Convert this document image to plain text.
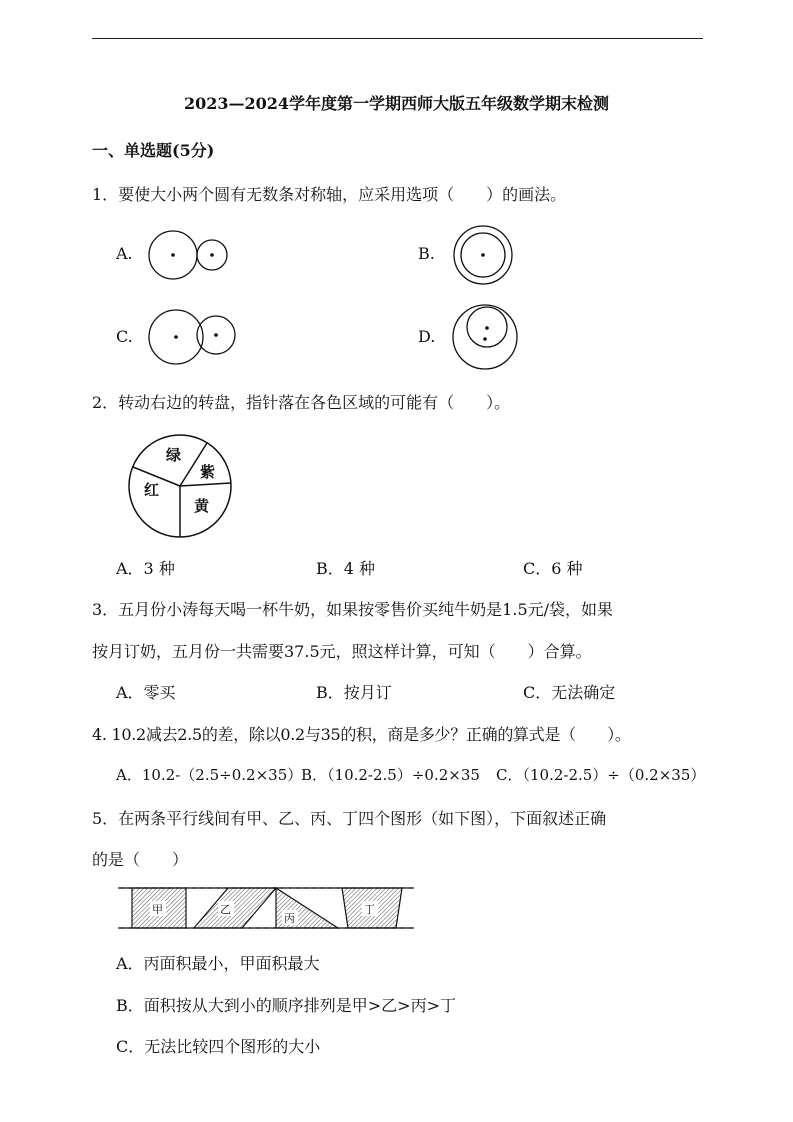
2023—2024学年度第一学期西师大版五年级数学期末检测
一、单选题(5分)
1．要使大小两个圆有无数条对称轴，应采用选项（　　）的画法。
A.	B.
C.	D.
2．转动右边的转盘，指针落在各色区域的可能有（　　）。
绿
紫
红
黄
A．3 种	B．4 种	C．6 种
3．五月份小涛每天喝一杯牛奶，如果按零售价买纯牛奶是1.5元/袋，如果
按月订奶，五月份一共需要37.5元，照这样计算，可知（　　）合算。
A．零买	B．按月订	C．无法确定
4. 10.2减去2.5的差，除以0.2与35的积，商是多少？正确的算式是（　　）。
A．10.2-（2.5÷0.2×35）
B．（10.2-2.5）÷0.2×35 C．（10.2-2.5）÷（0.2×35）
5．在两条平行线间有甲、乙、丙、丁四个图形（如下图），下面叙述正确
的是（　　）
甲	乙
丙
丁
A．丙面积最小，甲面积最大
B．面积按从大到小的顺序排列是甲>乙>丙>丁
C．无法比较四个图形的大小
